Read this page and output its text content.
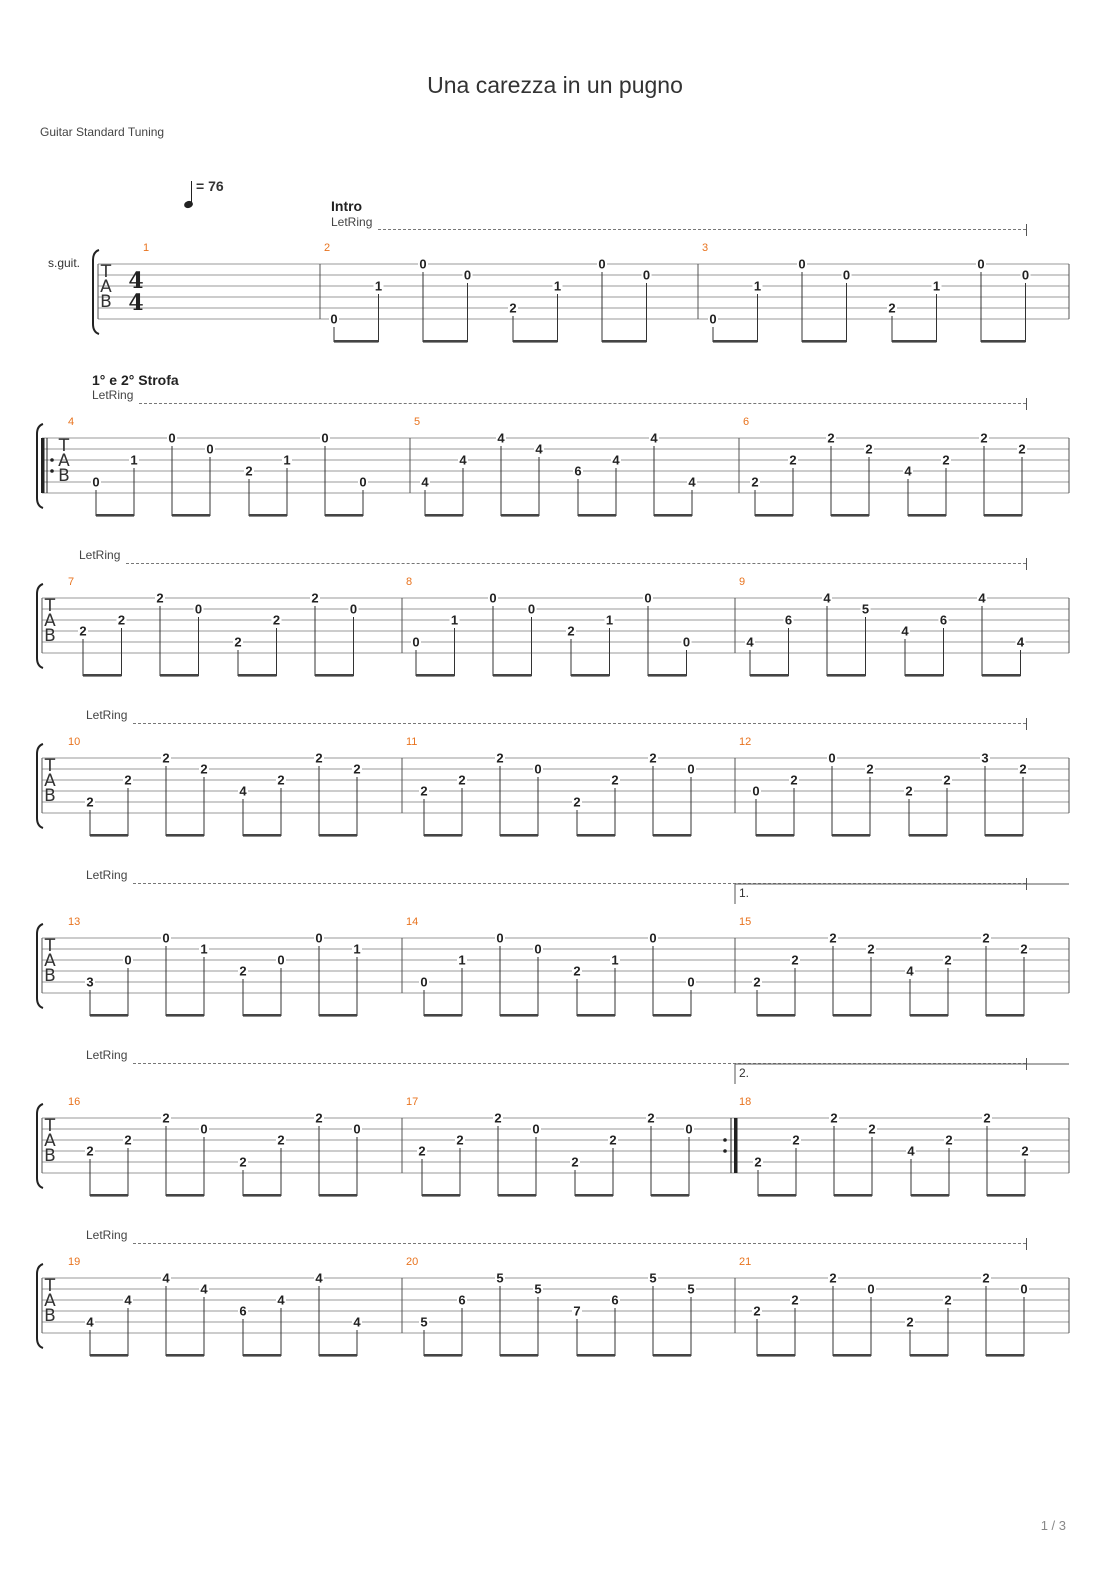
Una carezza in un pugno
Guitar Standard Tuning
= 76
Intro
1° e 2° Strofa
LetRing
LetRing
LetRing
LetRing
LetRing
LetRing
LetRing
s.guit. T
A
B
4
4
1	2
0
1
0
0
2
1
0
0
3
0
1
0
0
2
1
0
0
T
A
B
4
0
1
0
0
2
1
0
0
5
4
4
4
4
6
4
4
4
6
2
2
2
2
4
2
2
2
T
A
B
7
2
2
2
0
2
2
2
0
8
0
1
0
0
2
1
0
0
9
4
6
4
5
4
6
4
4
T
A
B
10
2
2
2
2
4
2
2
2
11
2
2
2
0
2
2
2
0
12
0
2
0
2
2
2
3
2
T
A
B
1.
13
3
0
0
1
2
0
0
1
14
0
1
0
0
2
1
0
0
15
2
2
2
2
4
2
2
2
T
A
B
2.
16
2
2
2
0
2
2
2
0
17
2
2
2
0
2
2
2
0
18
2
2
2
2
4
2
2
2
T
A
B
19
4
4
4
4
6
4
4
4
20
5
6
5
5
7
6
5
5
21
2
2
2
0
2
2
2
0
1 / 3
